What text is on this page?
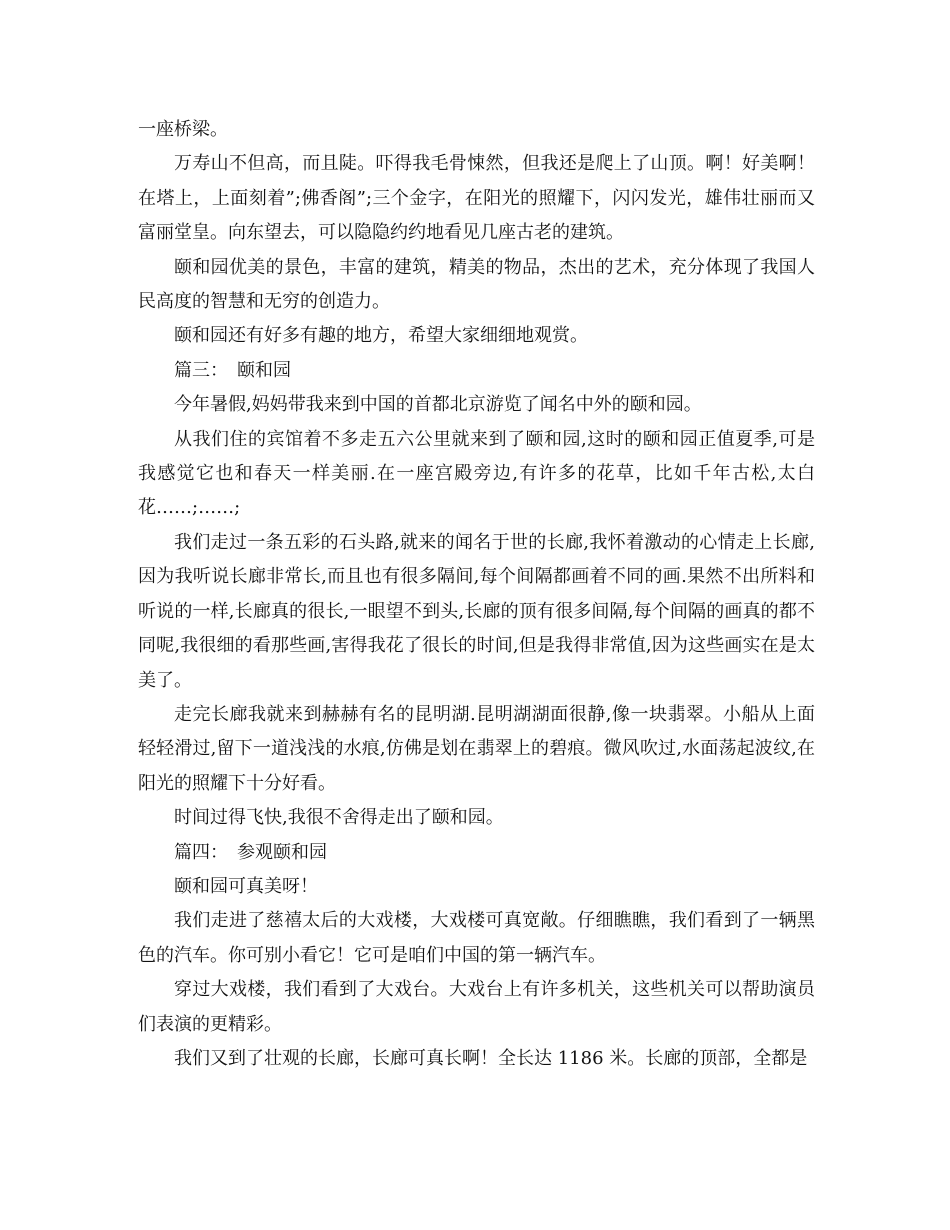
一座桥梁。

万寿山不但高，而且陡。吓得我毛骨悚然，但我还是爬上了山顶。啊！好美啊！在塔上，上面刻着”;佛香阁”;三个金字，在阳光的照耀下，闪闪发光，雄伟壮丽而又富丽堂皇。向东望去，可以隐隐约约地看见几座古老的建筑。

颐和园优美的景色，丰富的建筑，精美的物品，杰出的艺术，充分体现了我国人民高度的智慧和无穷的创造力。

颐和园还有好多有趣的地方，希望大家细细地观赏。

篇三：　颐和园

今年暑假,妈妈带我来到中国的首都北京游览了闻名中外的颐和园。

从我们住的宾馆着不多走五六公里就来到了颐和园,这时的颐和园正值夏季,可是我感觉它也和春天一样美丽.在一座宫殿旁边,有许多的花草，比如千年古松,太白花……;……;

我们走过一条五彩的石头路,就来的闻名于世的长廊,我怀着激动的心情走上长廊,因为我听说长廊非常长,而且也有很多隔间,每个间隔都画着不同的画.果然不出所料和听说的一样,长廊真的很长,一眼望不到头,长廊的顶有很多间隔,每个间隔的画真的都不同呢,我很细的看那些画,害得我花了很长的时间,但是我得非常值,因为这些画实在是太美了。

走完长廊我就来到赫赫有名的昆明湖.昆明湖湖面很静,像一块翡翠。小船从上面轻轻滑过,留下一道浅浅的水痕,仿佛是划在翡翠上的碧痕。微风吹过,水面荡起波纹,在阳光的照耀下十分好看。

时间过得飞快,我很不舍得走出了颐和园。

篇四：　参观颐和园

颐和园可真美呀！

我们走进了慈禧太后的大戏楼，大戏楼可真宽敞。仔细瞧瞧，我们看到了一辆黑色的汽车。你可别小看它！它可是咱们中国的第一辆汽车。

穿过大戏楼，我们看到了大戏台。大戏台上有许多机关，这些机关可以帮助演员们表演的更精彩。

我们又到了壮观的长廊，长廊可真长啊！全长达 1186 米。长廊的顶部，全都是
